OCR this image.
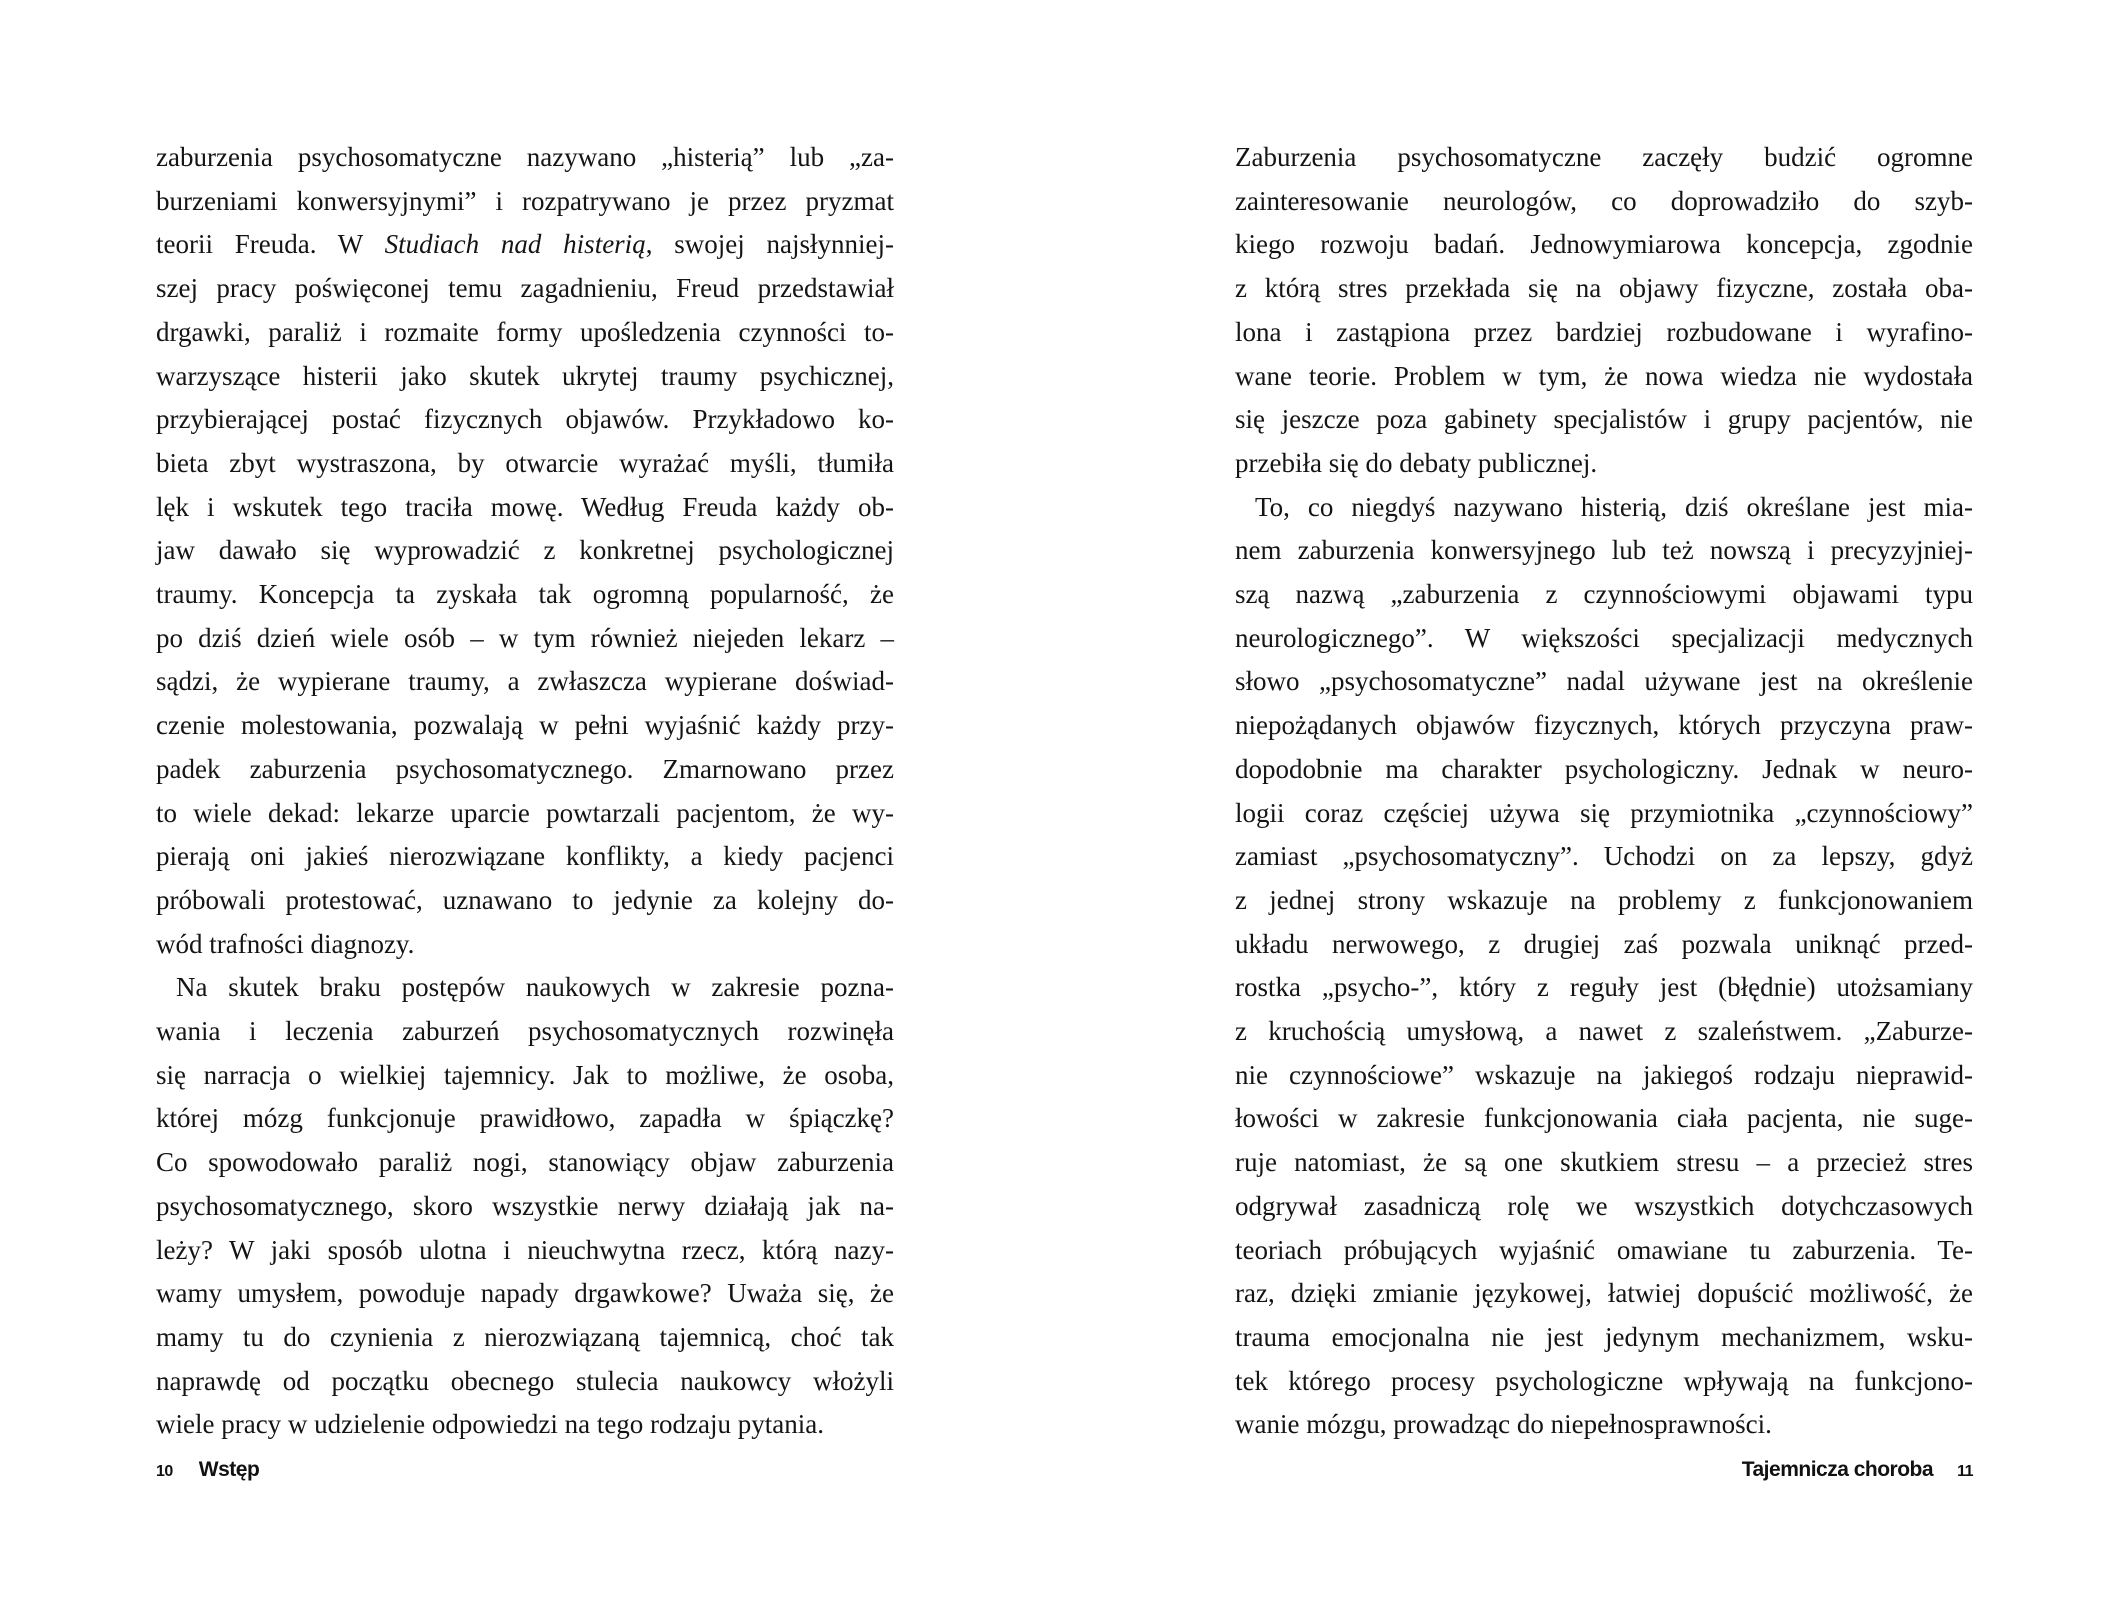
zaburzenia psychosomatyczne nazywano „histerią” lub „za-
burzeniami konwersyjnymi” i rozpatrywano je przez pryzmat
teorii Freuda. W Studiach nad histerią, swojej najsłynniej-
szej pracy poświęconej temu zagadnieniu, Freud przedstawiał
drgawki, paraliż i rozmaite formy upośledzenia czynności to-
warzyszące histerii jako skutek ukrytej traumy psychicznej,
przybierającej postać fizycznych objawów. Przykładowo ko-
bieta zbyt wystraszona, by otwarcie wyrażać myśli, tłumiła
lęk i wskutek tego traciła mowę. Według Freuda każdy ob-
jaw dawało się wyprowadzić z konkretnej psychologicznej
traumy. Koncepcja ta zyskała tak ogromną popularność, że
po dziś dzień wiele osób – w tym również niejeden lekarz –
sądzi, że wypierane traumy, a zwłaszcza wypierane doświad-
czenie molestowania, pozwalają w pełni wyjaśnić każdy przy-
padek zaburzenia psychosomatycznego. Zmarnowano przez
to wiele dekad: lekarze uparcie powtarzali pacjentom, że wy-
pierają oni jakieś nierozwiązane konflikty, a kiedy pacjenci
próbowali protestować, uznawano to jedynie za kolejny do-
wód trafności diagnozy.
Na skutek braku postępów naukowych w zakresie pozna-
wania i leczenia zaburzeń psychosomatycznych rozwinęła
się narracja o wielkiej tajemnicy. Jak to możliwe, że osoba,
której mózg funkcjonuje prawidłowo, zapadła w śpiączkę?
Co spowodowało paraliż nogi, stanowiący objaw zaburzenia
psychosomatycznego, skoro wszystkie nerwy działają jak na-
leży? W jaki sposób ulotna i nieuchwytna rzecz, którą nazy-
wamy umysłem, powoduje napady drgawkowe? Uważa się, że
mamy tu do czynienia z nierozwiązaną tajemnicą, choć tak
naprawdę od początku obecnego stulecia naukowcy włożyli
wiele pracy w udzielenie odpowiedzi na tego rodzaju pytania.
Zaburzenia psychosomatyczne zaczęły budzić ogromne
zainteresowanie neurologów, co doprowadziło do szyb-
kiego rozwoju badań. Jednowymiarowa koncepcja, zgodnie
z którą stres przekłada się na objawy fizyczne, została oba-
lona i zastąpiona przez bardziej rozbudowane i wyrafino-
wane teorie. Problem w tym, że nowa wiedza nie wydostała
się jeszcze poza gabinety specjalistów i grupy pacjentów, nie
przebiła się do debaty publicznej.
To, co niegdyś nazywano histerią, dziś określane jest mia-
nem zaburzenia konwersyjnego lub też nowszą i precyzyjniej-
szą nazwą „zaburzenia z czynnościowymi objawami typu
neurologicznego”. W większości specjalizacji medycznych
słowo „psychosomatyczne” nadal używane jest na określenie
niepożądanych objawów fizycznych, których przyczyna praw-
dopodobnie ma charakter psychologiczny. Jednak w neuro-
logii coraz częściej używa się przymiotnika „czynnościowy”
zamiast „psychosomatyczny”. Uchodzi on za lepszy, gdyż
z jednej strony wskazuje na problemy z funkcjonowaniem
układu nerwowego, z drugiej zaś pozwala uniknąć przed-
rostka „psycho-”, który z reguły jest (błędnie) utożsamiany
z kruchością umysłową, a nawet z szaleństwem. „Zaburze-
nie czynnościowe” wskazuje na jakiegoś rodzaju nieprawid-
łowości w zakresie funkcjonowania ciała pacjenta, nie suge-
ruje natomiast, że są one skutkiem stresu – a przecież stres
odgrywał zasadniczą rolę we wszystkich dotychczasowych
teoriach próbujących wyjaśnić omawiane tu zaburzenia. Te-
raz, dzięki zmianie językowej, łatwiej dopuścić możliwość, że
trauma emocjonalna nie jest jedynym mechanizmem, wsku-
tek którego procesy psychologiczne wpływają na funkcjono-
wanie mózgu, prowadząc do niepełnosprawności.
10 Wstęp	Tajemnicza choroba 11
